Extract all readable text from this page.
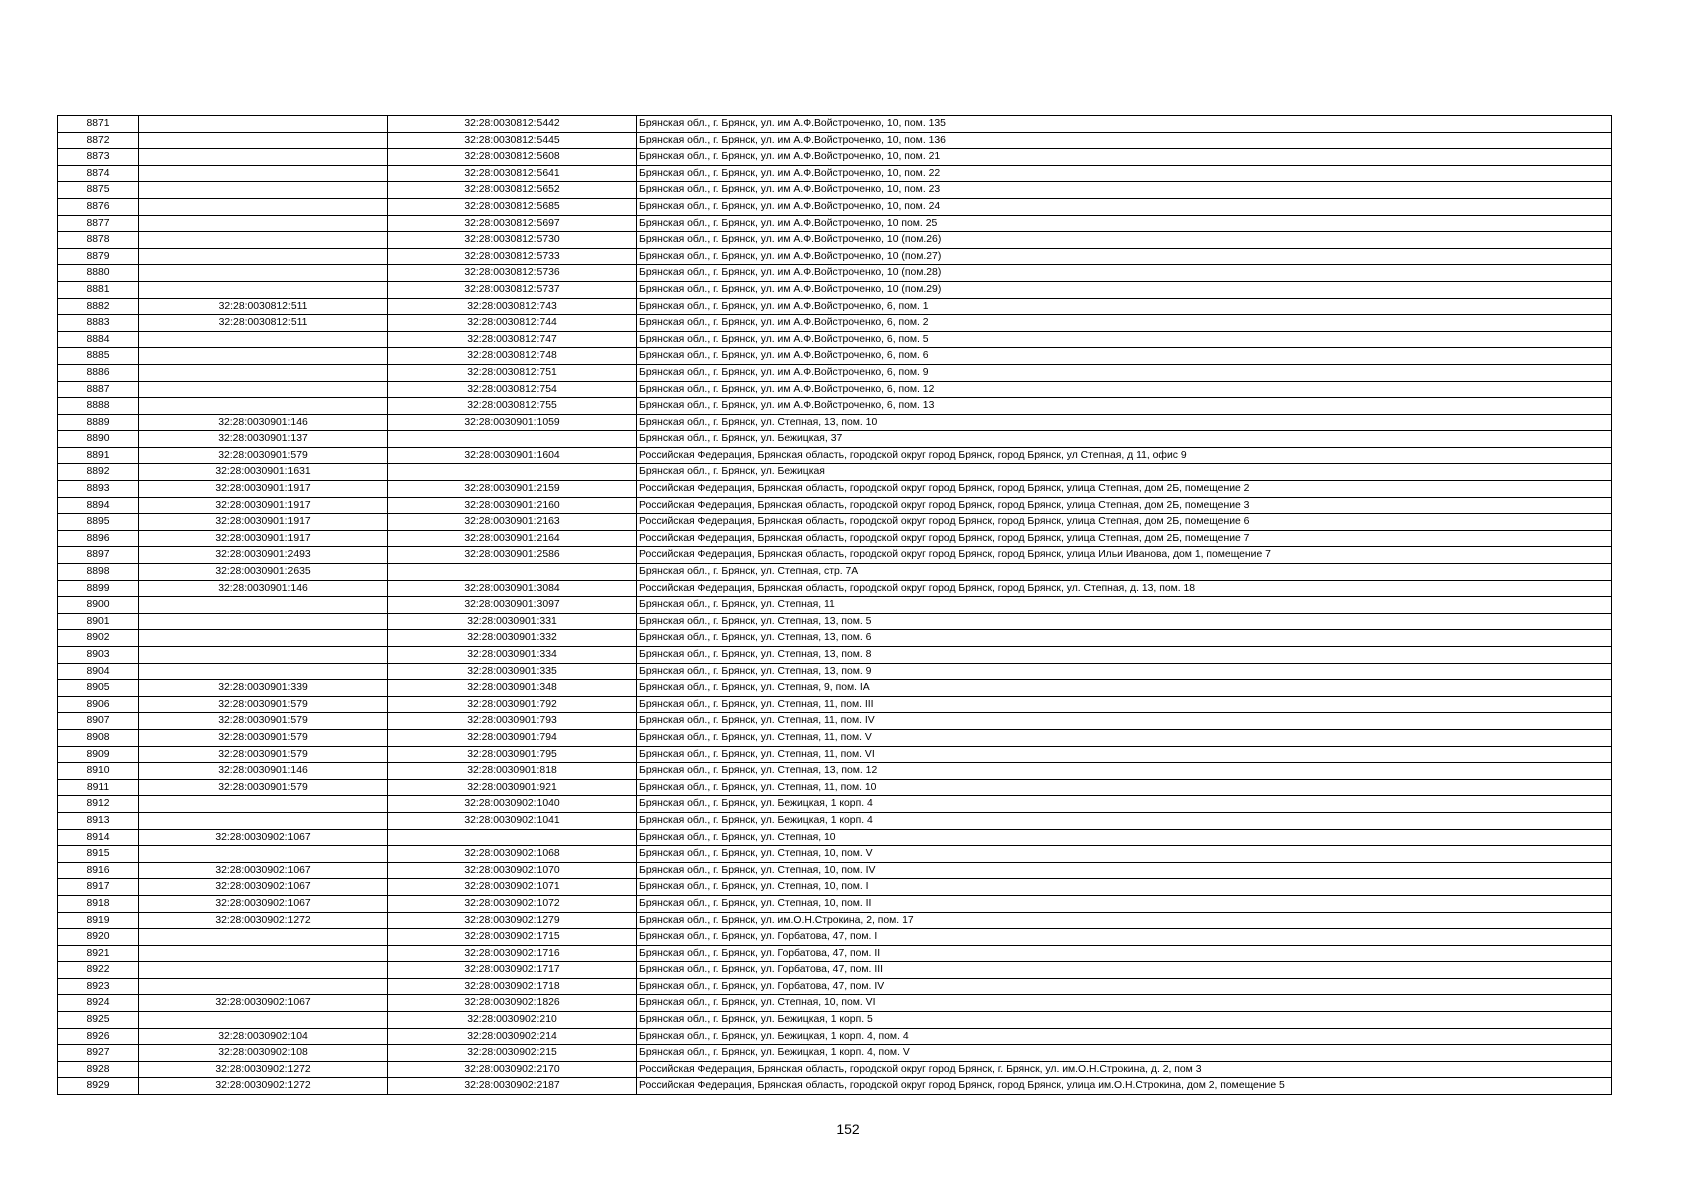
8871		32:28:0030812:5442	Брянская обл., г. Брянск, ул. им А.Ф.Войстроченко, 10, пом. 135
8872		32:28:0030812:5445	Брянская обл., г. Брянск, ул. им А.Ф.Войстроченко, 10, пом. 136
8873		32:28:0030812:5608	Брянская обл., г. Брянск, ул. им А.Ф.Войстроченко, 10, пом. 21
8874		32:28:0030812:5641	Брянская обл., г. Брянск, ул. им А.Ф.Войстроченко, 10, пом. 22
8875		32:28:0030812:5652	Брянская обл., г. Брянск, ул. им А.Ф.Войстроченко, 10, пом. 23
8876		32:28:0030812:5685	Брянская обл., г. Брянск, ул. им А.Ф.Войстроченко, 10, пом. 24
8877		32:28:0030812:5697	Брянская обл., г. Брянск, ул. им А.Ф.Войстроченко, 10 пом. 25
8878		32:28:0030812:5730	Брянская обл., г. Брянск, ул. им А.Ф.Войстроченко, 10 (пом.26)
8879		32:28:0030812:5733	Брянская обл., г. Брянск, ул. им А.Ф.Войстроченко, 10 (пом.27)
8880		32:28:0030812:5736	Брянская обл., г. Брянск, ул. им А.Ф.Войстроченко, 10 (пом.28)
8881		32:28:0030812:5737	Брянская обл., г. Брянск, ул. им А.Ф.Войстроченко, 10 (пом.29)
8882	32:28:0030812:511	32:28:0030812:743	Брянская обл., г. Брянск, ул. им А.Ф.Войстроченко, 6, пом. 1
8883	32:28:0030812:511	32:28:0030812:744	Брянская обл., г. Брянск, ул. им А.Ф.Войстроченко, 6, пом. 2
8884		32:28:0030812:747	Брянская обл., г. Брянск, ул. им А.Ф.Войстроченко, 6, пом. 5
8885		32:28:0030812:748	Брянская обл., г. Брянск, ул. им А.Ф.Войстроченко, 6, пом. 6
8886		32:28:0030812:751	Брянская обл., г. Брянск, ул. им А.Ф.Войстроченко, 6, пом. 9
8887		32:28:0030812:754	Брянская обл., г. Брянск, ул. им А.Ф.Войстроченко, 6, пом. 12
8888		32:28:0030812:755	Брянская обл., г. Брянск, ул. им А.Ф.Войстроченко, 6, пом. 13
8889	32:28:0030901:146	32:28:0030901:1059	Брянская обл., г. Брянск, ул. Степная, 13, пом. 10
8890	32:28:0030901:137		Брянская обл., г. Брянск, ул. Бежицкая, 37
8891	32:28:0030901:579	32:28:0030901:1604	Российская Федерация, Брянская область, городской округ город Брянск, город Брянск, ул Степная, д 11, офис 9
8892	32:28:0030901:1631		Брянская обл., г. Брянск, ул. Бежицкая
8893	32:28:0030901:1917	32:28:0030901:2159	Российская Федерация, Брянская область, городской округ город Брянск, город Брянск, улица Степная, дом 2Б, помещение 2
8894	32:28:0030901:1917	32:28:0030901:2160	Российская Федерация, Брянская область, городской округ город Брянск, город Брянск, улица Степная, дом 2Б, помещение 3
8895	32:28:0030901:1917	32:28:0030901:2163	Российская Федерация, Брянская область, городской округ город Брянск, город Брянск, улица Степная, дом 2Б, помещение 6
8896	32:28:0030901:1917	32:28:0030901:2164	Российская Федерация, Брянская область, городской округ город Брянск, город Брянск, улица Степная, дом 2Б, помещение 7
8897	32:28:0030901:2493	32:28:0030901:2586	Российская Федерация, Брянская область, городской округ город Брянск, город Брянск, улица Ильи Иванова, дом 1, помещение 7
8898	32:28:0030901:2635		Брянская обл., г. Брянск, ул. Степная, стр. 7А
8899	32:28:0030901:146	32:28:0030901:3084	Российская Федерация, Брянская область, городской округ город Брянск, город Брянск, ул. Степная, д. 13, пом. 18
8900		32:28:0030901:3097	Брянская обл., г. Брянск, ул. Степная, 11
8901		32:28:0030901:331	Брянская обл., г. Брянск, ул. Степная, 13, пом. 5
8902		32:28:0030901:332	Брянская обл., г. Брянск, ул. Степная, 13, пом. 6
8903		32:28:0030901:334	Брянская обл., г. Брянск, ул. Степная, 13, пом. 8
8904		32:28:0030901:335	Брянская обл., г. Брянск, ул. Степная, 13, пом. 9
8905	32:28:0030901:339	32:28:0030901:348	Брянская обл., г. Брянск, ул. Степная, 9, пом. IА
8906	32:28:0030901:579	32:28:0030901:792	Брянская обл., г. Брянск, ул. Степная, 11, пом. III
8907	32:28:0030901:579	32:28:0030901:793	Брянская обл., г. Брянск, ул. Степная, 11, пом. IV
8908	32:28:0030901:579	32:28:0030901:794	Брянская обл., г. Брянск, ул. Степная, 11, пом. V
8909	32:28:0030901:579	32:28:0030901:795	Брянская обл., г. Брянск, ул. Степная, 11, пом. VI
8910	32:28:0030901:146	32:28:0030901:818	Брянская обл., г. Брянск, ул. Степная, 13, пом. 12
8911	32:28:0030901:579	32:28:0030901:921	Брянская обл., г. Брянск, ул. Степная, 11, пом. 10
8912		32:28:0030902:1040	Брянская обл., г. Брянск, ул. Бежицкая, 1 корп. 4
8913		32:28:0030902:1041	Брянская обл., г. Брянск, ул. Бежицкая, 1 корп. 4
8914	32:28:0030902:1067		Брянская обл., г. Брянск, ул. Степная, 10
8915		32:28:0030902:1068	Брянская обл., г. Брянск, ул. Степная, 10, пом. V
8916	32:28:0030902:1067	32:28:0030902:1070	Брянская обл., г. Брянск, ул. Степная, 10, пом. IV
8917	32:28:0030902:1067	32:28:0030902:1071	Брянская обл., г. Брянск, ул. Степная, 10, пом. I
8918	32:28:0030902:1067	32:28:0030902:1072	Брянская обл., г. Брянск, ул. Степная, 10, пом. II
8919	32:28:0030902:1272	32:28:0030902:1279	Брянская обл., г. Брянск, ул. им.О.Н.Строкина, 2, пом. 17
8920		32:28:0030902:1715	Брянская обл., г. Брянск, ул. Горбатова, 47, пом. I
8921		32:28:0030902:1716	Брянская обл., г. Брянск, ул. Горбатова, 47, пом. II
8922		32:28:0030902:1717	Брянская обл., г. Брянск, ул. Горбатова, 47, пом. III
8923		32:28:0030902:1718	Брянская обл., г. Брянск, ул. Горбатова, 47, пом. IV
8924	32:28:0030902:1067	32:28:0030902:1826	Брянская обл., г. Брянск, ул. Степная, 10, пом. VI
8925		32:28:0030902:210	Брянская обл., г. Брянск, ул. Бежицкая, 1 корп. 5
8926	32:28:0030902:104	32:28:0030902:214	Брянская обл., г. Брянск, ул. Бежицкая, 1 корп. 4, пом. 4
8927	32:28:0030902:108	32:28:0030902:215	Брянская обл., г. Брянск, ул. Бежицкая, 1 корп. 4, пом. V
8928	32:28:0030902:1272	32:28:0030902:2170	Российская Федерация, Брянская область, городской округ город Брянск, г. Брянск, ул. им.О.Н.Строкина, д. 2, пом 3
8929	32:28:0030902:1272	32:28:0030902:2187	Российская Федерация, Брянская область, городской округ город Брянск, город Брянск, улица им.О.Н.Строкина, дом 2, помещение 5
152
